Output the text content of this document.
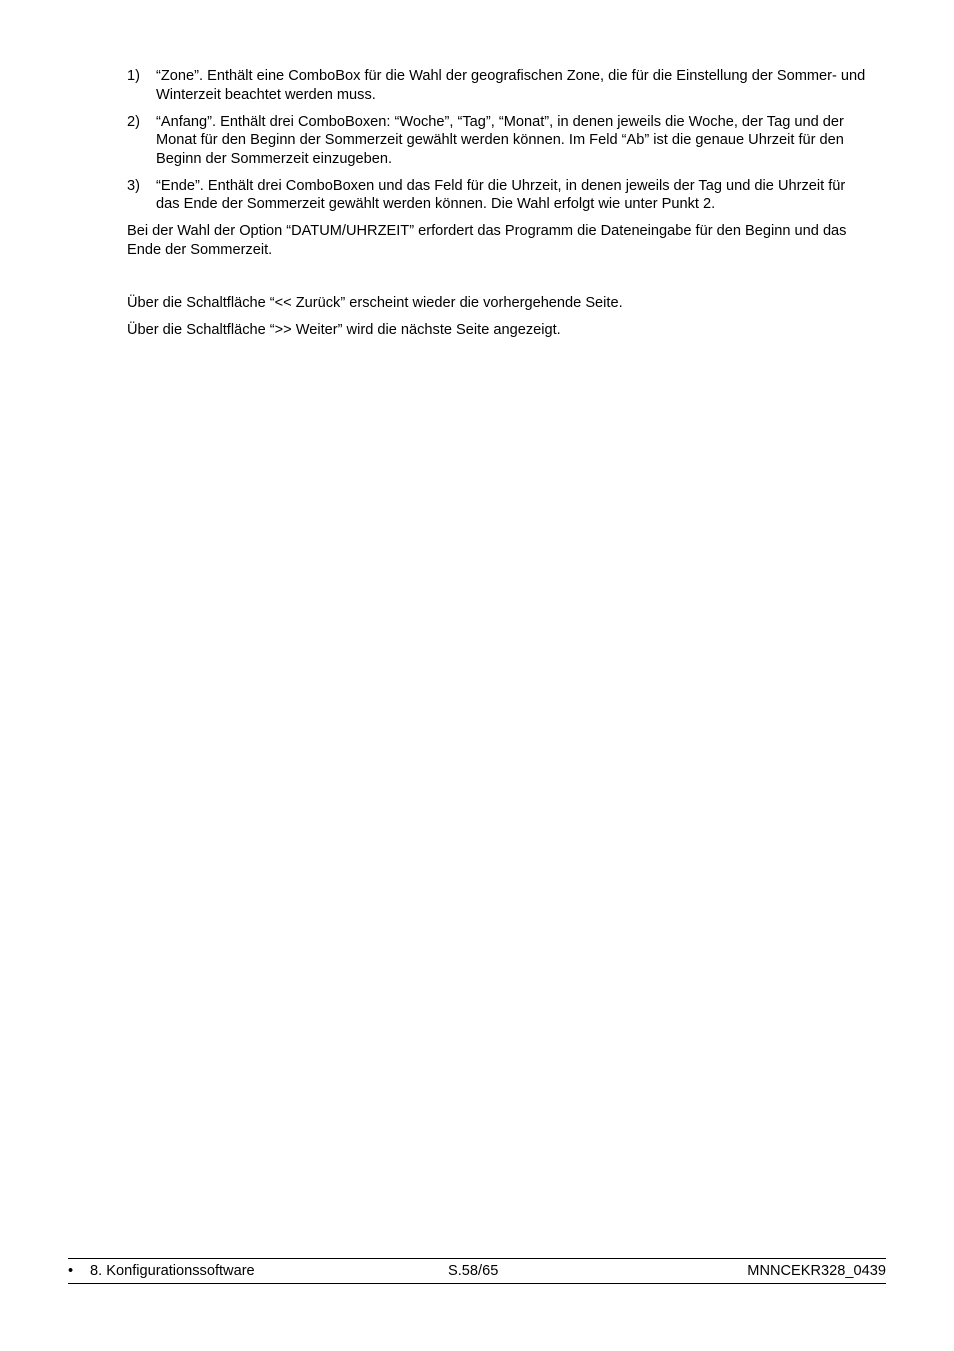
1) “Zone”. Enthält eine ComboBox für die Wahl der geografischen Zone, die für die Einstellung der Sommer- und Winterzeit beachtet werden muss.
2) “Anfang”. Enthält drei ComboBoxen: “Woche”, “Tag”, “Monat”, in denen jeweils die Woche, der Tag und der Monat für den Beginn der Sommerzeit gewählt werden können. Im Feld “Ab” ist die genaue Uhrzeit für den Beginn der Sommerzeit einzugeben.
3) “Ende”. Enthält drei ComboBoxen und das Feld für die Uhrzeit, in denen jeweils der Tag und die Uhrzeit für das Ende der Sommerzeit gewählt werden können. Die Wahl erfolgt wie unter Punkt 2.

Bei der Wahl der Option “DATUM/UHRZEIT” erfordert das Programm die Dateneingabe für den Beginn und das Ende der Sommerzeit.

Über die Schaltfläche “<< Zurück” erscheint wieder die vorhergehende Seite.

Über die Schaltfläche “>> Weiter” wird die nächste Seite angezeigt.

• 8. Konfigurationssoftware	S.58/65	MNNCEKR328_0439
